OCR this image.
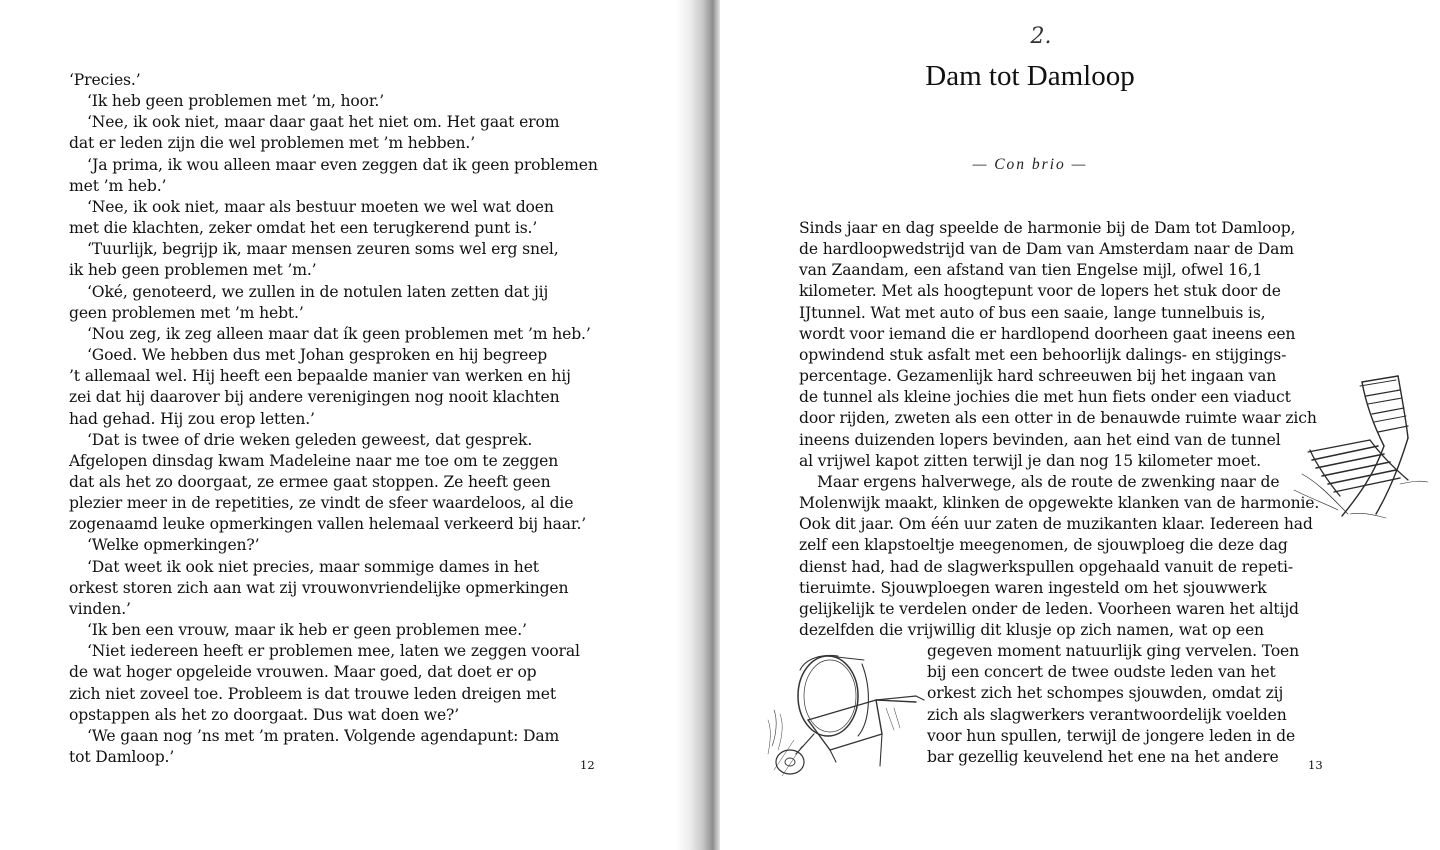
‘Precies.’

‘Ik heb geen problemen met ’m, hoor.’

‘Nee, ik ook niet, maar daar gaat het niet om. Het gaat erom

dat er leden zijn die wel problemen met ’m hebben.’

‘Ja prima, ik wou alleen maar even zeggen dat ik geen problemen

met ’m heb.’

‘Nee, ik ook niet, maar als bestuur moeten we wel wat doen

met die klachten, zeker omdat het een terugkerend punt is.’

‘Tuurlijk, begrijp ik, maar mensen zeuren soms wel erg snel,

ik heb geen problemen met ’m.’

‘Oké, genoteerd, we zullen in de notulen laten zetten dat jij

geen problemen met ’m hebt.’

‘Nou zeg, ik zeg alleen maar dat ík geen problemen met ’m heb.’

‘Goed. We hebben dus met Johan gesproken en hij begreep

’t allemaal wel. Hij heeft een bepaalde manier van werken en hij

zei dat hij daarover bij andere verenigingen nog nooit klachten

had gehad. Hij zou erop letten.’

‘Dat is twee of drie weken geleden geweest, dat gesprek.

Afgelopen dinsdag kwam Madeleine naar me toe om te zeggen

dat als het zo doorgaat, ze ermee gaat stoppen. Ze heeft geen

plezier meer in de repetities, ze vindt de sfeer waardeloos, al die

zogenaamd leuke opmerkingen vallen helemaal verkeerd bij haar.’

‘Welke opmerkingen?’

‘Dat weet ik ook niet precies, maar sommige dames in het

orkest storen zich aan wat zij vrouwonvriendelijke opmerkingen

vinden.’

‘Ik ben een vrouw, maar ik heb er geen problemen mee.’

‘Niet iedereen heeft er problemen mee, laten we zeggen vooral

de wat hoger opgeleide vrouwen. Maar goed, dat doet er op

zich niet zoveel toe. Probleem is dat trouwe leden dreigen met

opstappen als het zo doorgaat. Dus wat doen we?’

‘We gaan nog ’ns met ’m praten. Volgende agendapunt: Dam

tot Damloop.’	12
2.
Dam tot Damloop
— Con brio —

Sinds jaar en dag speelde de harmonie bij de Dam tot Damloop,

de hardloopwedstrijd van de Dam van Amsterdam naar de Dam

van Zaandam, een afstand van tien Engelse mijl, ofwel 16,1

kilometer. Met als hoogtepunt voor de lopers het stuk door de

IJtunnel. Wat met auto of bus een saaie, lange tunnelbuis is,

wordt voor iemand die er hardlopend doorheen gaat ineens een

opwindend stuk asfalt met een behoorlijk dalings- en stijgings-

percentage. Gezamenlijk hard schreeuwen bij het ingaan van

de tunnel als kleine jochies die met hun fiets onder een viaduct

door rijden, zweten als een otter in de benauwde ruimte waar zich

ineens duizenden lopers bevinden, aan het eind van de tunnel

al vrijwel kapot zitten terwijl je dan nog 15 kilometer moet.

Maar ergens halverwege, als de route de zwenking naar de

Molenwijk maakt, klinken de opgewekte klanken van de harmonie.

Ook dit jaar. Om één uur zaten de muzikanten klaar. Iedereen had

zelf een klapstoeltje meegenomen, de sjouwploeg die deze dag

dienst had, had de slagwerkspullen opgehaald vanuit de repeti-

tieruimte. Sjouwploegen waren ingesteld om het sjouwwerk

gelijkelijk te verdelen onder de leden. Voorheen waren het altijd

dezelfden die vrijwillig dit klusje op zich namen, wat op een

gegeven moment natuurlijk ging vervelen. Toen

bij een concert de twee oudste leden van het

orkest zich het schompes sjouwden, omdat zij

zich als slagwerkers verantwoordelijk voelden

voor hun spullen, terwijl de jongere leden in de

bar gezellig keuvelend het ene na het andere	13
